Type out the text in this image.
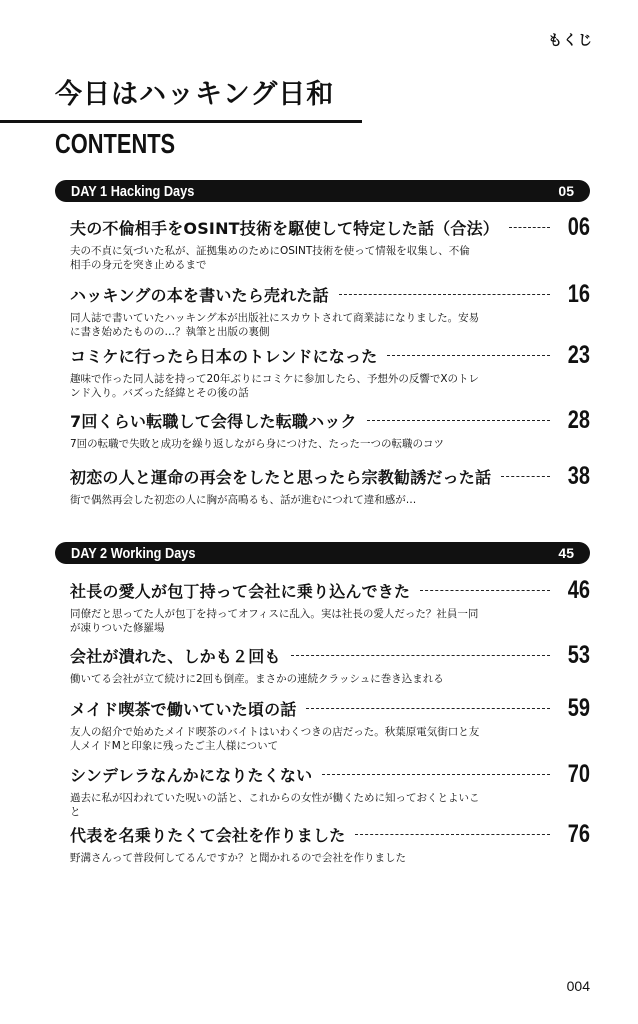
もくじ
今日はハッキング日和
CONTENTS
DAY 1 Hacking Days	05
夫の不倫相手をOSINT技術を駆使して特定した話（合法）	06
夫の不貞に気づいた私が、証拠集めのためにOSINT技術を使って情報を収集し、不倫相手の身元を突き止めるまで
ハッキングの本を書いたら売れた話	16
同人誌で書いていたハッキング本が出版社にスカウトされて商業誌になりました。安易に書き始めたものの…？執筆と出版の裏側
コミケに行ったら日本のトレンドになった	23
趣味で作った同人誌を持って20年ぶりにコミケに参加したら、予想外の反響でXのトレンド入り。バズった経緯とその後の話
7回くらい転職して会得した転職ハック	28
7回の転職で失敗と成功を繰り返しながら身につけた、たった一つの転職のコツ
初恋の人と運命の再会をしたと思ったら宗教勧誘だった話	38
街で偶然再会した初恋の人に胸が高鳴るも、話が進むにつれて違和感が…
DAY 2 Working Days	45
社長の愛人が包丁持って会社に乗り込んできた	46
同僚だと思ってた人が包丁を持ってオフィスに乱入。実は社長の愛人だった？社員一同が凍りついた修羅場
会社が潰れた、しかも２回も	53
働いてる会社が立て続けに2回も倒産。まさかの連続クラッシュに巻き込まれる
メイド喫茶で働いていた頃の話	59
友人の紹介で始めたメイド喫茶のバイトはいわくつきの店だった。秋葉原電気街口と友人メイドMと印象に残ったご主人様について
シンデレラなんかになりたくない	70
過去に私が囚われていた呪いの話と、これからの女性が働くために知っておくとよいこと
代表を名乗りたくて会社を作りました	76
野溝さんって普段何してるんですか？と聞かれるので会社を作りました
004
